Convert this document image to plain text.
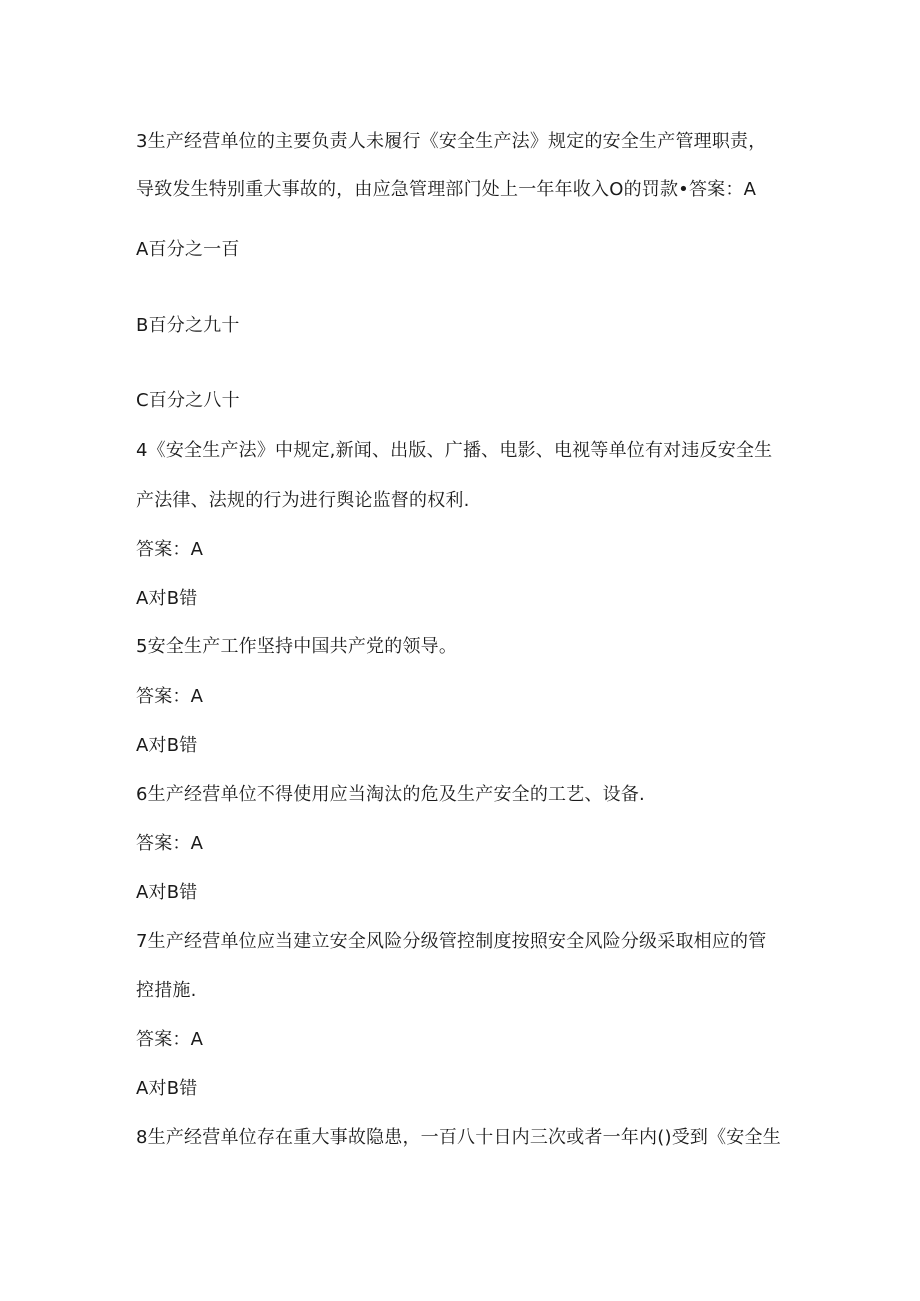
3生产经营单位的主要负责人未履行《安全生产法》规定的安全生产管理职责，
导致发生特别重大事故的，由应急管理部门处上一年年收入O的罚款•答案：A
A百分之一百
B百分之九十
C百分之八十
4《安全生产法》中规定,新闻、出版、广播、电影、电视等单位有对违反安全生
产法律、法规的行为进行舆论监督的权利.
答案：A
A对B错
5安全生产工作坚持中国共产党的领导。
答案：A
A对B错
6生产经营单位不得使用应当淘汰的危及生产安全的工艺、设备.
答案：A
A对B错
7生产经营单位应当建立安全风险分级管控制度按照安全风险分级采取相应的管
控措施.
答案：A
A对B错
8生产经营单位存在重大事故隐患，一百八十日内三次或者一年内()受到《安全生
